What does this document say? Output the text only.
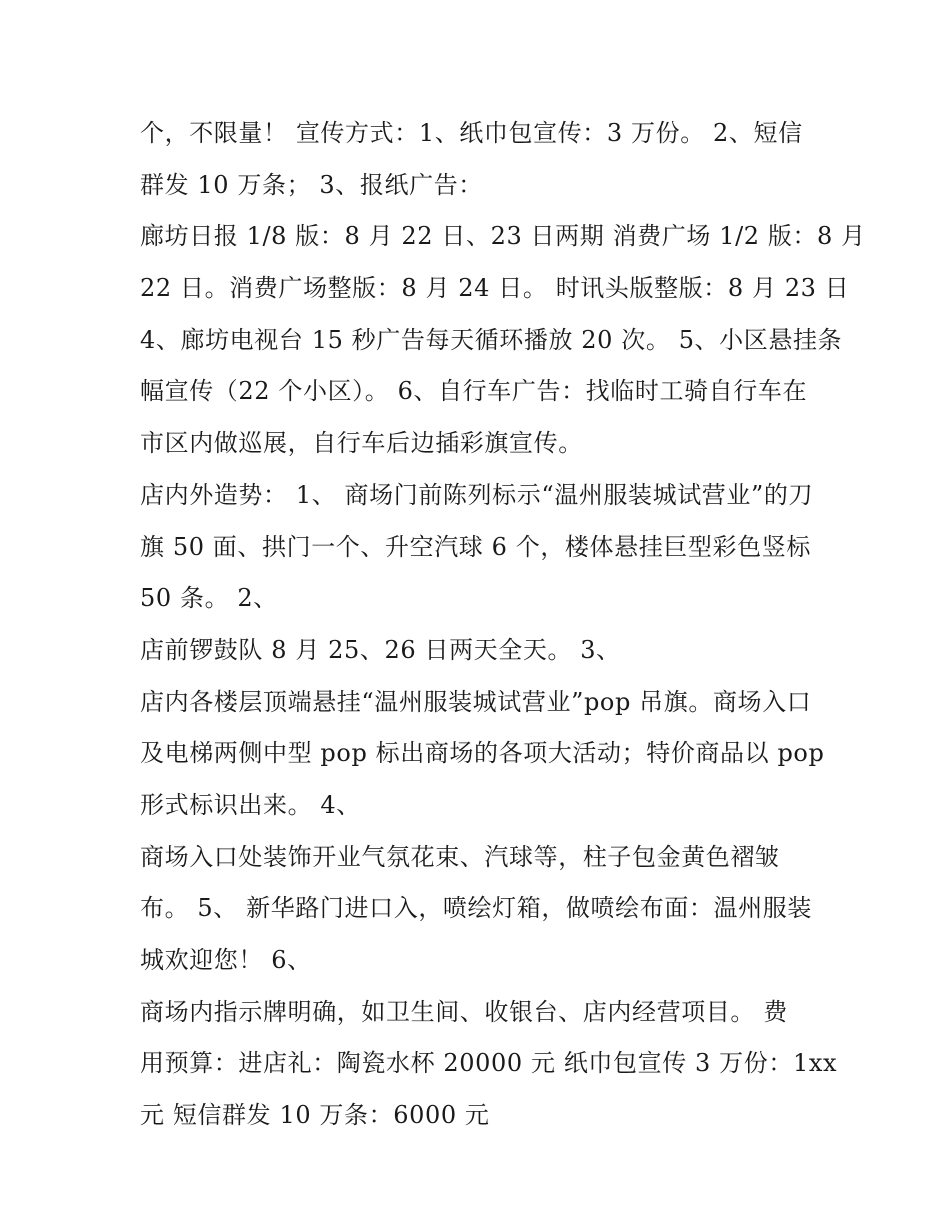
个，不限量！ 宣传方式：1、纸巾包宣传：3 万份。 2、短信
群发 10 万条； 3、报纸广告：
廊坊日报 1/8 版：8 月 22 日、23 日两期 消费广场 1/2 版：8 月
22 日。消费广场整版：8 月 24 日。 时讯头版整版：8 月 23 日
4、廊坊电视台 15 秒广告每天循环播放 20 次。 5、小区悬挂条
幅宣传（22 个小区）。 6、自行车广告：找临时工骑自行车在
市区内做巡展，自行车后边插彩旗宣传。
店内外造势： 1、 商场门前陈列标示“温州服装城试营业”的刀
旗 50 面、拱门一个、升空汽球 6 个，楼体悬挂巨型彩色竖标
50 条。 2、
店前锣鼓队 8 月 25、26 日两天全天。 3、
店内各楼层顶端悬挂“温州服装城试营业”pop 吊旗。商场入口
及电梯两侧中型 pop 标出商场的各项大活动；特价商品以 pop
形式标识出来。 4、
商场入口处装饰开业气氛花束、汽球等，柱子包金黄色褶皱
布。 5、 新华路门进口入，喷绘灯箱，做喷绘布面：温州服装
城欢迎您！ 6、
商场内指示牌明确，如卫生间、收银台、店内经营项目。 费
用预算：进店礼：陶瓷水杯 20000 元 纸巾包宣传 3 万份：1xx
元 短信群发 10 万条：6000 元
